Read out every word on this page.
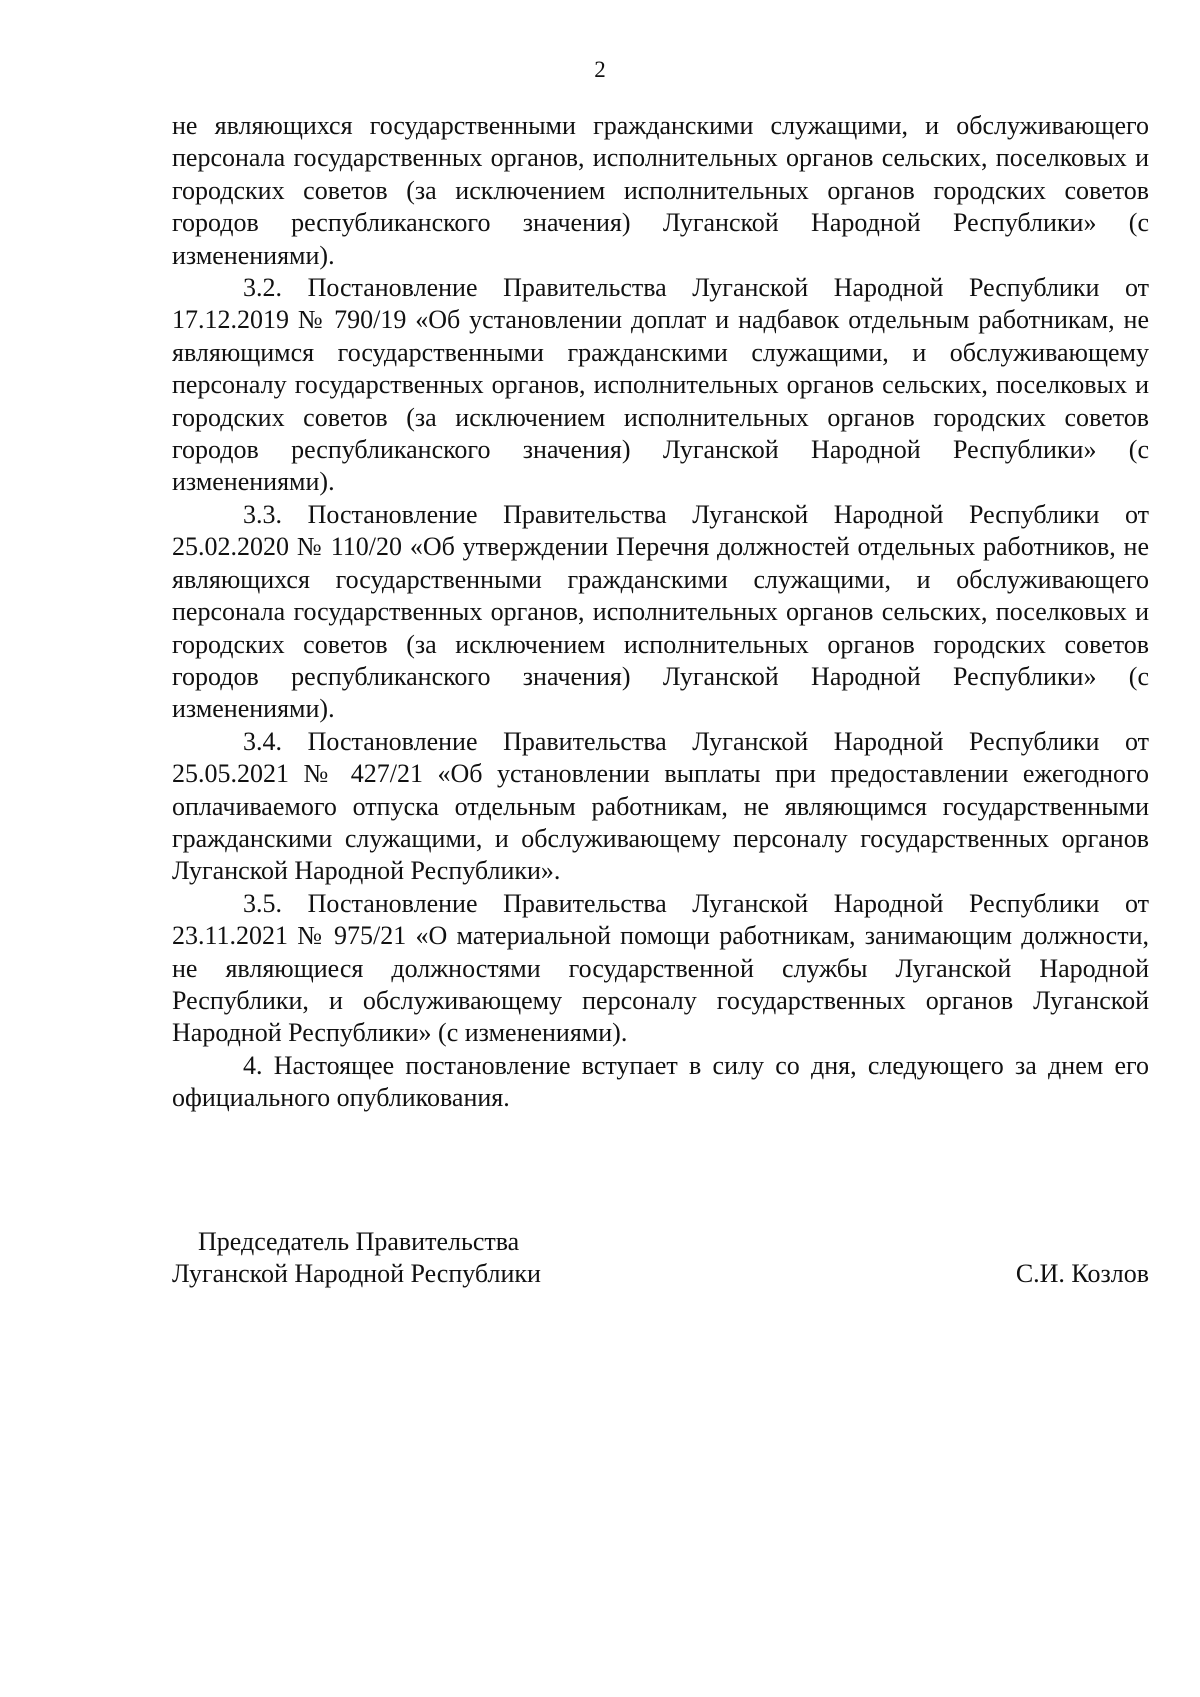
2

не являющихся государственными гражданскими служащими, и обслуживающего персонала государственных органов, исполнительных органов сельских, поселковых и городских советов (за исключением исполнительных органов городских советов городов республиканского значения) Луганской Народной Республики» (с изменениями).

3.2. Постановление Правительства Луганской Народной Республики от 17.12.2019 № 790/19 «Об установлении доплат и надбавок отдельным работникам, не являющимся государственными гражданскими служащими, и обслуживающему персоналу государственных органов, исполнительных органов сельских, поселковых и городских советов (за исключением исполнительных органов городских советов городов республиканского значения) Луганской Народной Республики» (с изменениями).

3.3. Постановление Правительства Луганской Народной Республики от 25.02.2020 № 110/20 «Об утверждении Перечня должностей отдельных работников, не являющихся государственными гражданскими служащими, и обслуживающего персонала государственных органов, исполнительных органов сельских, поселковых и городских советов (за исключением исполнительных органов городских советов городов республиканского значения) Луганской Народной Республики» (с изменениями).

3.4. Постановление Правительства Луганской Народной Республики от 25.05.2021 № 427/21 «Об установлении выплаты при предоставлении ежегодного оплачиваемого отпуска отдельным работникам, не являющимся государственными гражданскими служащими, и обслуживающему персоналу государственных органов Луганской Народной Республики».

3.5. Постановление Правительства Луганской Народной Республики от 23.11.2021 № 975/21 «О материальной помощи работникам, занимающим должности, не являющиеся должностями государственной службы Луганской Народной Республики, и обслуживающему персоналу государственных органов Луганской Народной Республики» (с изменениями).

4. Настоящее постановление вступает в силу со дня, следующего за днем его официального опубликования.

Председатель Правительства
Луганской Народной Республики	С.И. Козлов
